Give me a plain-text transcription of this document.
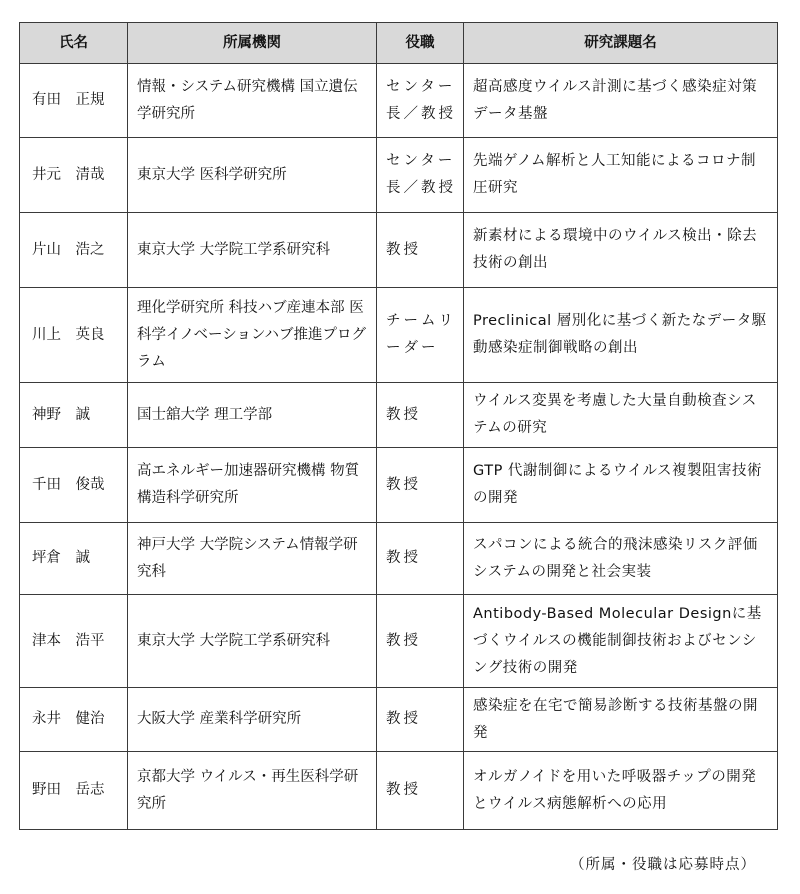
氏名	所属機関	役職	研究課題名
有田　正規	情報・システム研究機構 国立遺伝学研究所	センター長／教授	超高感度ウイルス計測に基づく感染症対策データ基盤
井元　清哉	東京大学 医科学研究所	センター長／教授	先端ゲノム解析と人工知能によるコロナ制圧研究
片山　浩之	東京大学 大学院工学系研究科	教授	新素材による環境中のウイルス検出・除去技術の創出
川上　英良	理化学研究所 科技ハブ産連本部 医科学イノベーションハブ推進プログラム	チームリーダー	Preclinical 層別化に基づく新たなデータ駆動感染症制御戦略の創出
神野　誠	国士舘大学 理工学部	教授	ウイルス変異を考慮した大量自動検査システムの研究
千田　俊哉	高エネルギー加速器研究機構 物質構造科学研究所	教授	GTP 代謝制御によるウイルス複製阻害技術の開発
坪倉　誠	神戸大学 大学院システム情報学研究科	教授	スパコンによる統合的飛沫感染リスク評価システムの開発と社会実装
津本　浩平	東京大学 大学院工学系研究科	教授	Antibody-Based Molecular Designに基づくウイルスの機能制御技術およびセンシング技術の開発
永井　健治	大阪大学 産業科学研究所	教授	感染症を在宅で簡易診断する技術基盤の開発
野田　岳志	京都大学 ウイルス・再生医科学研究所	教授	オルガノイドを用いた呼吸器チップの開発とウイルス病態解析への応用
（所属・役職は応募時点）
